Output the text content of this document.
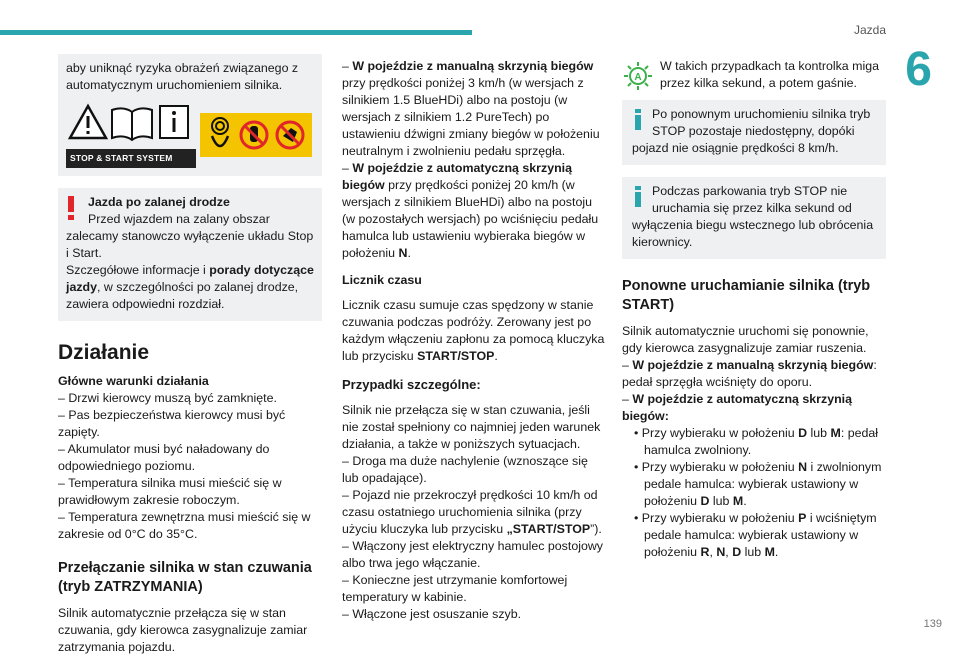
Jazda
6
139
aby uniknąć ryzyka obrażeń związanego z automatycznym uruchomieniem silnika.
STOP & START SYSTEM
Jazda po zalanej drodze
Przed wjazdem na zalany obszar zalecamy stanowczo wyłączenie układu Stop i Start.
Szczegółowe informacje i porady dotyczące jazdy, w szczególności po zalanej drodze, zawiera odpowiedni rozdział.
Działanie
Główne warunki działania
– Drzwi kierowcy muszą być zamknięte.
– Pas bezpieczeństwa kierowcy musi być zapięty.
– Akumulator musi być naładowany do odpowiedniego poziomu.
– Temperatura silnika musi mieścić się w prawidłowym zakresie roboczym.
– Temperatura zewnętrzna musi mieścić się w zakresie od 0°C do 35°C.
Przełączanie silnika w stan czuwania (tryb ZATRZYMANIA)
Silnik automatycznie przełącza się w stan czuwania, gdy kierowca zasygnalizuje zamiar zatrzymania pojazdu.
– W pojeździe z manualną skrzynią biegów przy prędkości poniżej 3 km/h (w wersjach z silnikiem 1.5 BlueHDi) albo na postoju (w wersjach z silnikiem 1.2 PureTech) po ustawieniu dźwigni zmiany biegów w położeniu neutralnym i zwolnieniu pedału sprzęgła.
– W pojeździe z automatyczną skrzynią biegów przy prędkości poniżej 20 km/h (w wersjach z silnikiem BlueHDi) albo na postoju (w pozostałych wersjach) po wciśnięciu pedału hamulca lub ustawieniu wybieraka biegów w położeniu N.
Licznik czasu
Licznik czasu sumuje czas spędzony w stanie czuwania podczas podróży. Zerowany jest po każdym włączeniu zapłonu za pomocą kluczyka lub przycisku START/STOP.
Przypadki szczególne:
Silnik nie przełącza się w stan czuwania, jeśli nie został spełniony co najmniej jeden warunek działania, a także w poniższych sytuacjach.
– Droga ma duże nachylenie (wznoszące się lub opadające).
– Pojazd nie przekroczył prędkości 10 km/h od czasu ostatniego uruchomienia silnika (przy użyciu kluczyka lub przycisku „START/STOP”).
– Włączony jest elektryczny hamulec postojowy albo trwa jego włączanie.
– Konieczne jest utrzymanie komfortowej temperatury w kabinie.
– Włączone jest osuszanie szyb.
A
W takich przypadkach ta kontrolka miga przez kilka sekund, a potem gaśnie.
Po ponownym uruchomieniu silnika tryb STOP pozostaje niedostępny, dopóki pojazd nie osiągnie prędkości 8 km/h.
Podczas parkowania tryb STOP nie uruchamia się przez kilka sekund od wyłączenia biegu wstecznego lub obrócenia kierownicy.
Ponowne uruchamianie silnika (tryb START)
Silnik automatycznie uruchomi się ponownie, gdy kierowca zasygnalizuje zamiar ruszenia.
– W pojeździe z manualną skrzynią biegów: pedał sprzęgła wciśnięty do oporu.
– W pojeździe z automatyczną skrzynią biegów:
• Przy wybieraku w położeniu D lub M: pedał hamulca zwolniony.
• Przy wybieraku w położeniu N i zwolnionym pedale hamulca: wybierak ustawiony w położeniu D lub M.
• Przy wybieraku w położeniu P i wciśniętym pedale hamulca: wybierak ustawiony w położeniu R, N, D lub M.
